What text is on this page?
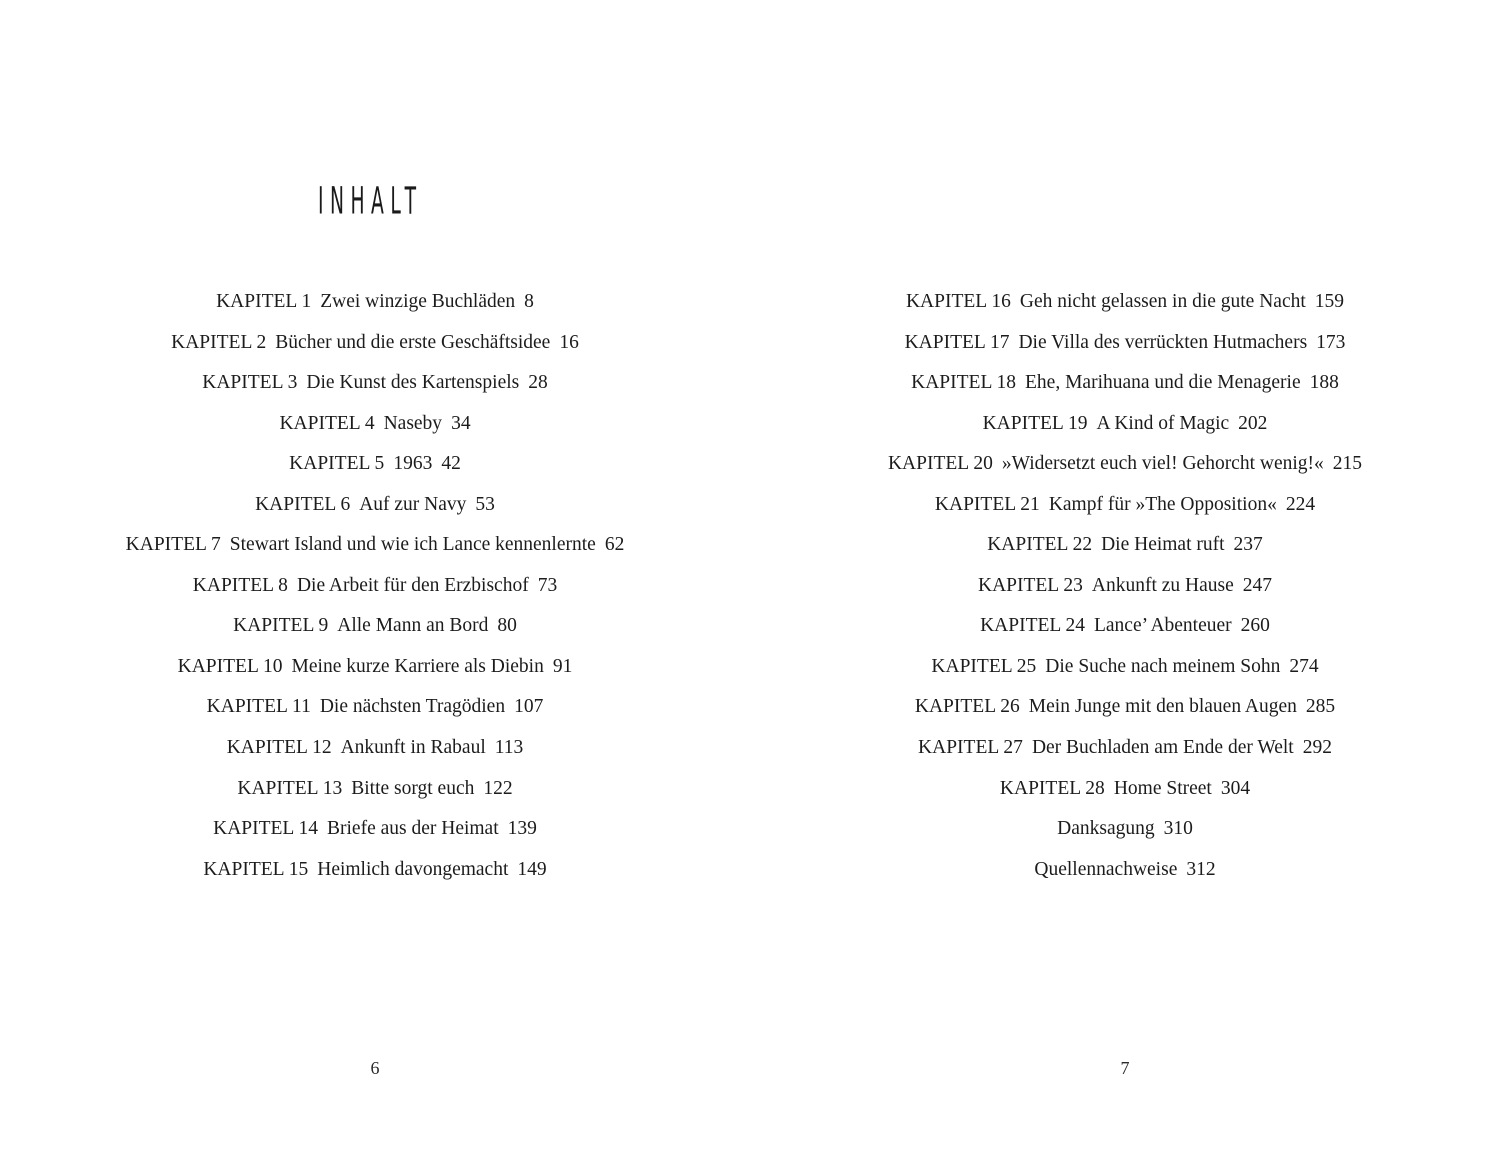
INHALT
KAPITEL 1 Zwei winzige Buchläden 8
KAPITEL 2 Bücher und die erste Geschäftsidee 16
KAPITEL 3 Die Kunst des Kartenspiels 28
KAPITEL 4 Naseby 34
KAPITEL 5 1963 42
KAPITEL 6 Auf zur Navy 53
KAPITEL 7 Stewart Island und wie ich Lance kennenlernte 62
KAPITEL 8 Die Arbeit für den Erzbischof 73
KAPITEL 9 Alle Mann an Bord 80
KAPITEL 10 Meine kurze Karriere als Diebin 91
KAPITEL 11 Die nächsten Tragödien 107
KAPITEL 12 Ankunft in Rabaul 113
KAPITEL 13 Bitte sorgt euch 122
KAPITEL 14 Briefe aus der Heimat 139
KAPITEL 15 Heimlich davongemacht 149
6
KAPITEL 16 Geh nicht gelassen in die gute Nacht 159
KAPITEL 17 Die Villa des verrückten Hutmachers 173
KAPITEL 18 Ehe, Marihuana und die Menagerie 188
KAPITEL 19 A Kind of Magic 202
KAPITEL 20 »Widersetzt euch viel! Gehorcht wenig!« 215
KAPITEL 21 Kampf für »The Opposition« 224
KAPITEL 22 Die Heimat ruft 237
KAPITEL 23 Ankunft zu Hause 247
KAPITEL 24 Lance’ Abenteuer 260
KAPITEL 25 Die Suche nach meinem Sohn 274
KAPITEL 26 Mein Junge mit den blauen Augen 285
KAPITEL 27 Der Buchladen am Ende der Welt 292
KAPITEL 28 Home Street 304
Danksagung 310
Quellennachweise 312
7
